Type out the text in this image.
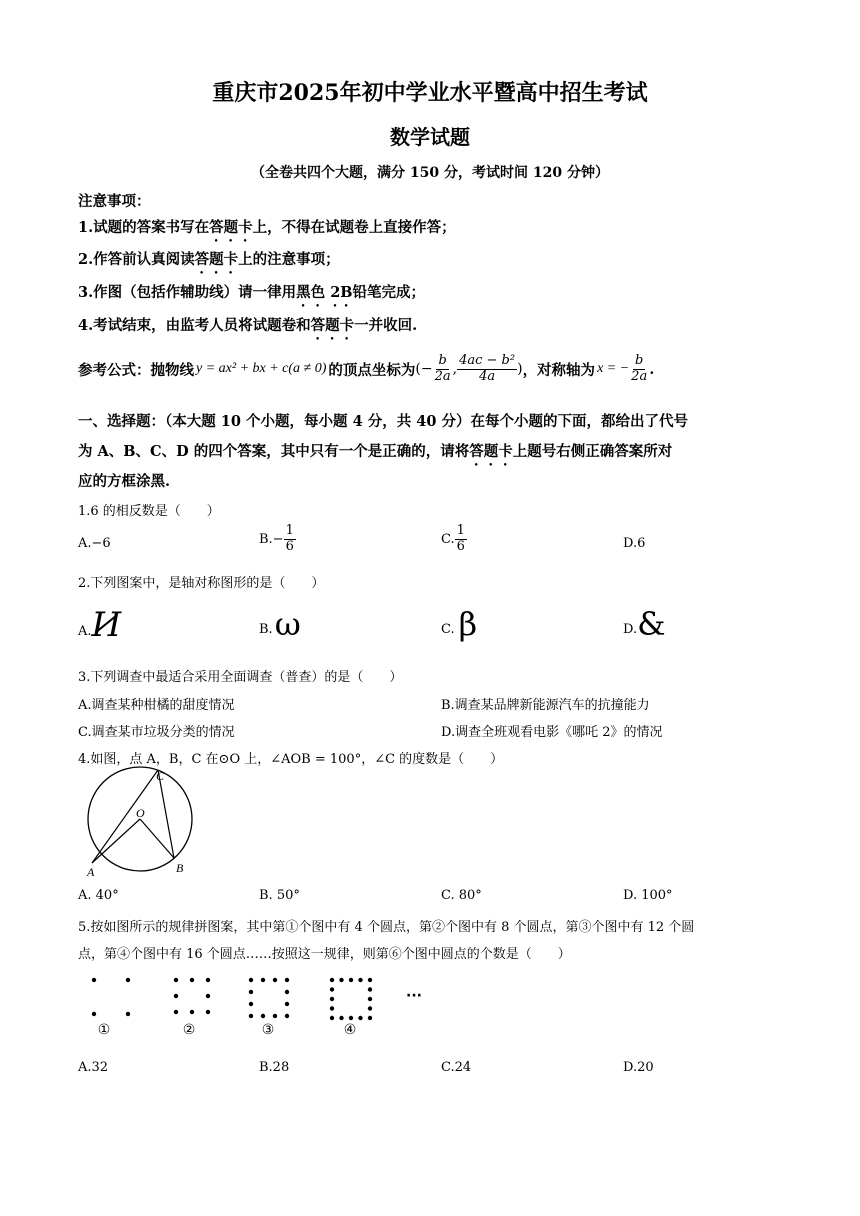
重庆市2025年初中学业水平暨高中招生考试
数学试题
（全卷共四个大题，满分 150 分，考试时间 120 分钟）
注意事项：
1.试题的答案书写在答题卡上，不得在试题卷上直接作答；
2.作答前认真阅读答题卡上的注意事项；
3.作图（包括作辅助线）请一律用黑色 2B铅笔完成；
4.考试结束，由监考人员将试题卷和答题卡一并收回.
参考公式：抛物线 y = ax² + bx + c(a ≠ 0) 的顶点坐标为 (− $\frac{b}{2a}$ , $\frac{\text{4ac − b²}}{4a}$ ) ，对称轴为 x = − $\frac{b}{2a}$ .
一、选择题：（本大题 10 个小题，每小题 4 分，共 40 分）在每个小题的下面，都给出了代号
为 A、B、C、D 的四个答案，其中只有一个是正确的，请将答题卡上题号右侧正确答案所对
应的方框涂黑.
1.6 的相反数是（　　）
A.−6	$B.- \frac{1}{6}$	C. $\frac{1}{6}$	D.6
2.下列图案中，是轴对称图形的是（　　）
A. И	B. ω	C. β	D. &
3.下列调查中最适合采用全面调查（普查）的是（　　）
A.调查某种柑橘的甜度情况	B.调查某品牌新能源汽车的抗撞能力
C.调查某市垃圾分类的情况	D.调查全班观看电影《哪吒 2》的情况
4.如图，点 A，B，C 在⊙O 上，∠AOB = 100°，∠C 的度数是（　　）
C
O
A	B
A. 40°	B. 50°	C. 80°	D. 100°
5.按如图所示的规律拼图案，其中第①个图中有 4 个圆点，第②个图中有 8 个圆点，第③个图中有 12 个圆
点，第④个图中有 16 个圆点……按照这一规律，则第⑥个图中圆点的个数是（　　）
①	②	③	④
···
A.32	B.28	C.24	D.20
